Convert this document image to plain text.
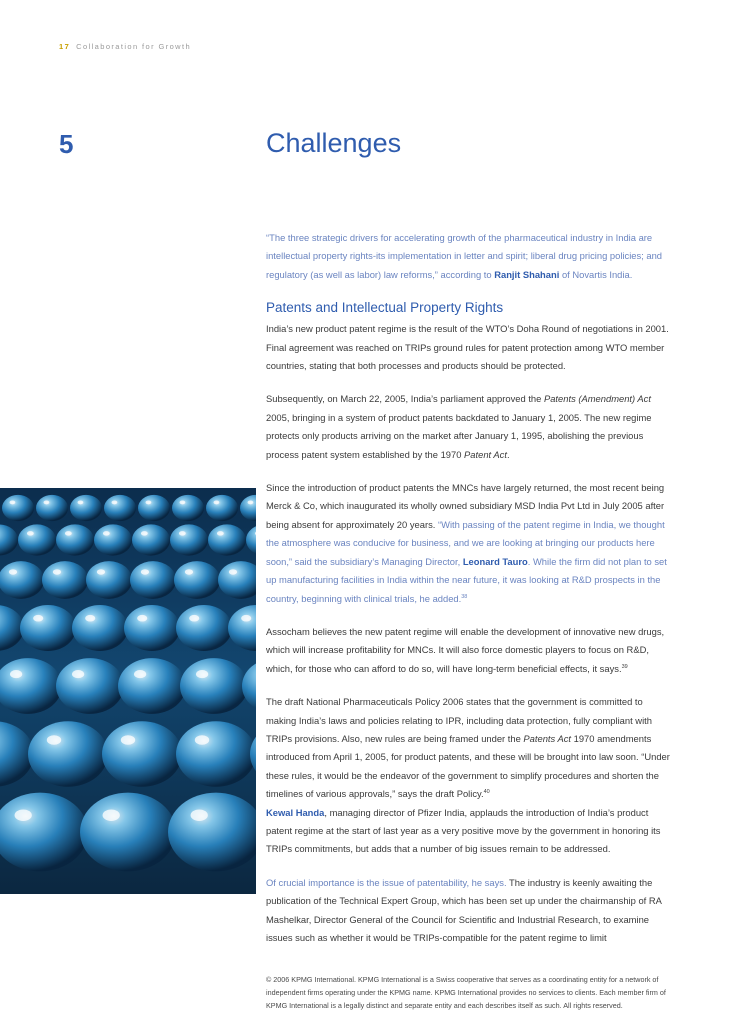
17 Collaboration for Growth
5	Challenges

“The three strategic drivers for accelerating growth of the pharmaceutical industry in India are intellectual property rights-its implementation in letter and spirit; liberal drug pricing policies; and regulatory (as well as labor) law reforms,” according to Ranjit Shahani of Novartis India.

Patents and Intellectual Property Rights

India’s new product patent regime is the result of the WTO’s Doha Round of negotiations in 2001. Final agreement was reached on TRIPs ground rules for patent protection among WTO member countries, stating that both processes and products should be protected.

Subsequently, on March 22, 2005, India’s parliament approved the Patents (Amendment) Act 2005, bringing in a system of product patents backdated to January 1, 2005. The new regime protects only products arriving on the market after January 1, 1995, abolishing the previous process patent system established by the 1970 Patent Act.

Since the introduction of product patents the MNCs have largely returned, the most recent being Merck & Co, which inaugurated its wholly owned subsidiary MSD India Pvt Ltd in July 2005 after being absent for approximately 20 years. “With passing of the patent regime in India, we thought the atmosphere was conducive for business, and we are looking at bringing our products here soon,” said the subsidiary’s Managing Director, Leonard Tauro. While the firm did not plan to set up manufacturing facilities in India within the near future, it was looking at R&D prospects in the country, beginning with clinical trials, he added.$^{38}$

Assocham believes the new patent regime will enable the development of innovative new drugs, which will increase profitability for MNCs. It will also force domestic players to focus on R&D, which, for those who can afford to do so, will have long-term beneficial effects, it says.$^{39}$

The draft National Pharmaceuticals Policy 2006 states that the government is committed to making India’s laws and policies relating to IPR, including data protection, fully compliant with TRIPs provisions. Also, new rules are being framed under the Patents Act 1970 amendments introduced from April 1, 2005, for product patents, and these will be brought into law soon. “Under these rules, it would be the endeavor of the government to simplify procedures and shorten the timelines of various approvals,” says the draft Policy.$^{40}$
Kewal Handa, managing director of Pfizer India, applauds the introduction of India’s product patent regime at the start of last year as a very positive move by the government in honoring its TRIPs commitments, but adds that a number of big issues remain to be addressed.

Of crucial importance is the issue of patentability, he says. The industry is keenly awaiting the publication of the Technical Expert Group, which has been set up under the chairmanship of RA Mashelkar, Director General of the Council for Scientific and Industrial Research, to examine issues such as whether it would be TRIPs-compatible for the patent regime to limit

© 2006 KPMG International. KPMG International is a Swiss cooperative that serves as a coordinating entity for a network of independent firms operating under the KPMG name. KPMG International provides no services to clients. Each member firm of KPMG International is a legally distinct and separate entity and each describes itself as such. All rights reserved.
